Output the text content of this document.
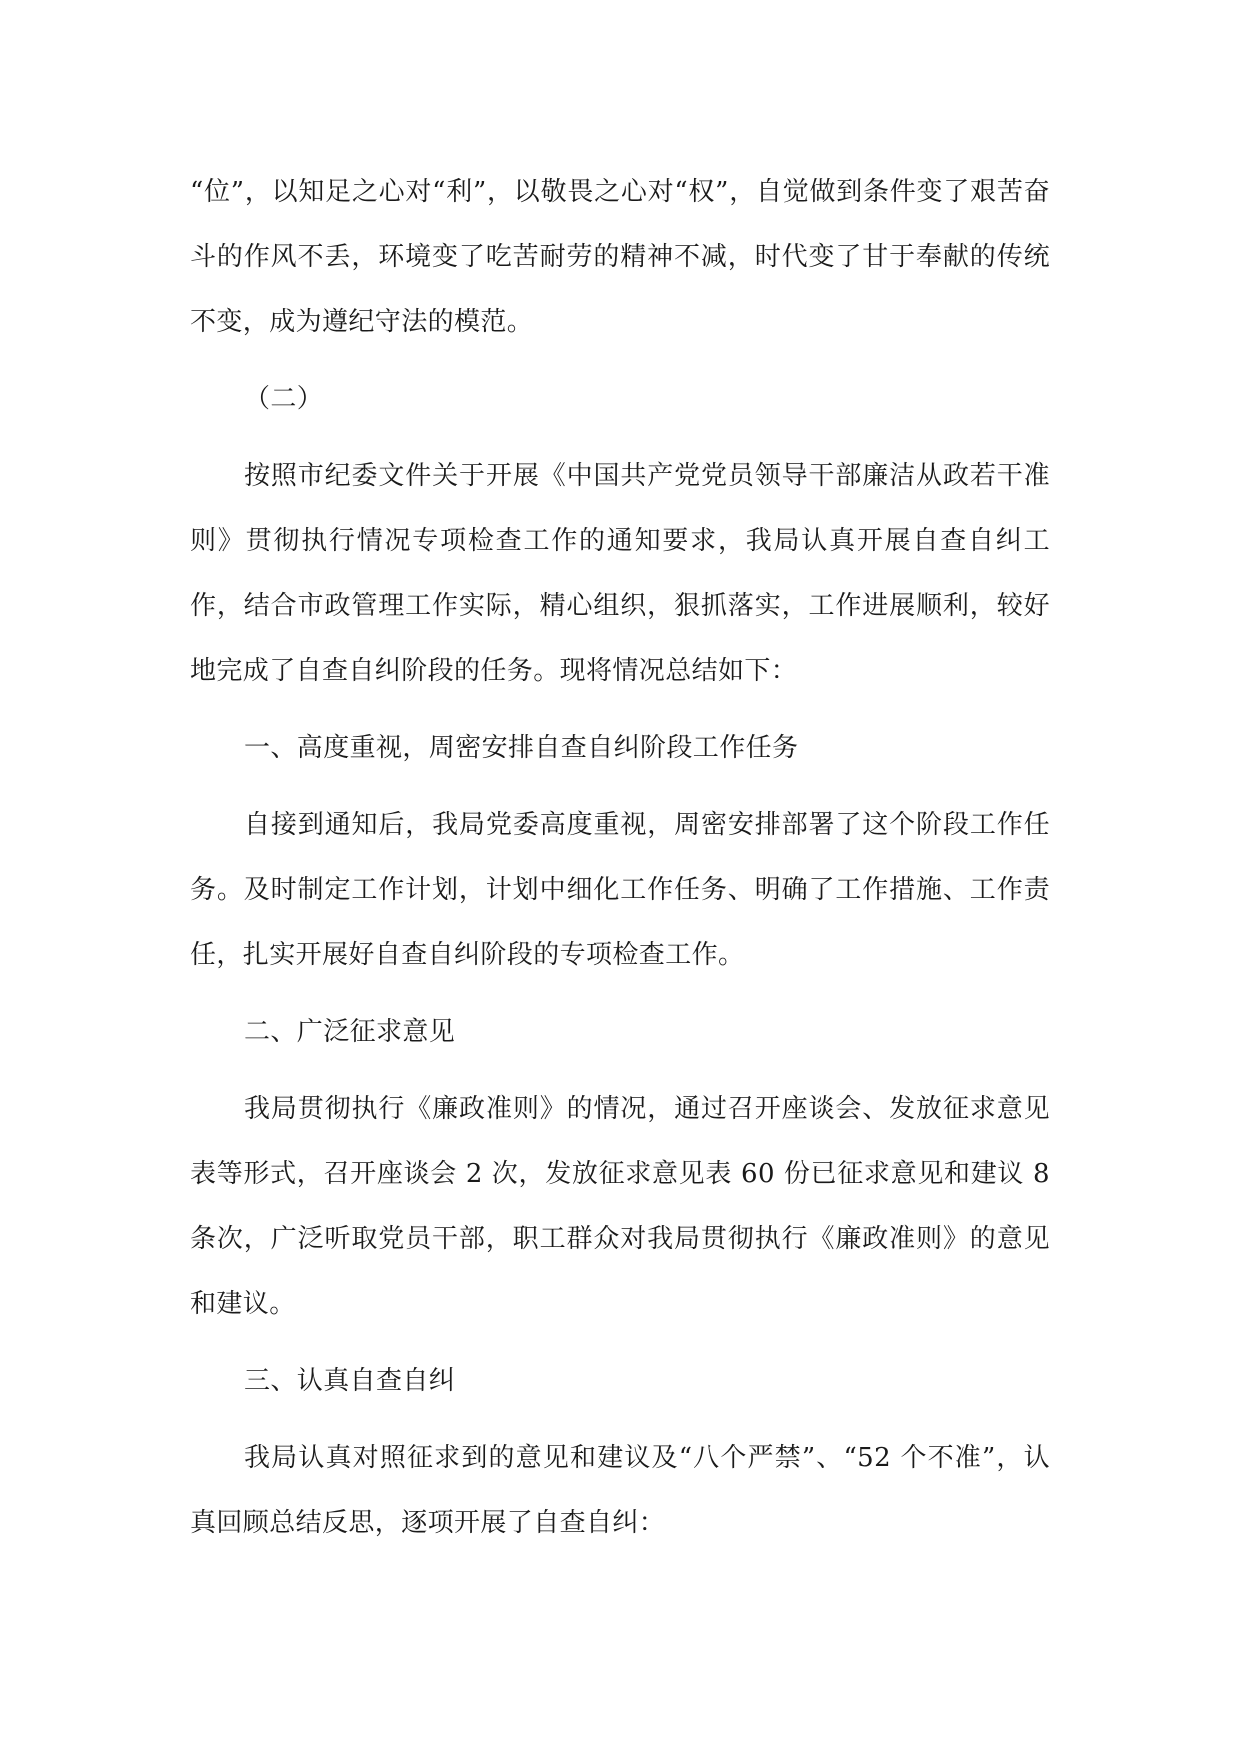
“位”，以知足之心对“利”，以敬畏之心对“权”，自觉做到条件变了艰苦奋斗的作风不丢，环境变了吃苦耐劳的精神不减，时代变了甘于奉献的传统不变，成为遵纪守法的模范。

（二）

按照市纪委文件关于开展《中国共产党党员领导干部廉洁从政若干准则》贯彻执行情况专项检查工作的通知要求，我局认真开展自查自纠工作，结合市政管理工作实际，精心组织，狠抓落实，工作进展顺利，较好地完成了自查自纠阶段的任务。现将情况总结如下：

一、高度重视，周密安排自查自纠阶段工作任务

自接到通知后，我局党委高度重视，周密安排部署了这个阶段工作任务。及时制定工作计划，计划中细化工作任务、明确了工作措施、工作责任，扎实开展好自查自纠阶段的专项检查工作。

二、广泛征求意见

我局贯彻执行《廉政准则》的情况，通过召开座谈会、发放征求意见表等形式，召开座谈会 2 次，发放征求意见表 60 份已征求意见和建议 8 条次，广泛听取党员干部，职工群众对我局贯彻执行《廉政准则》的意见和建议。

三、认真自查自纠

我局认真对照征求到的意见和建议及“八个严禁”、“52 个不准”，认真回顾总结反思，逐项开展了自查自纠：
